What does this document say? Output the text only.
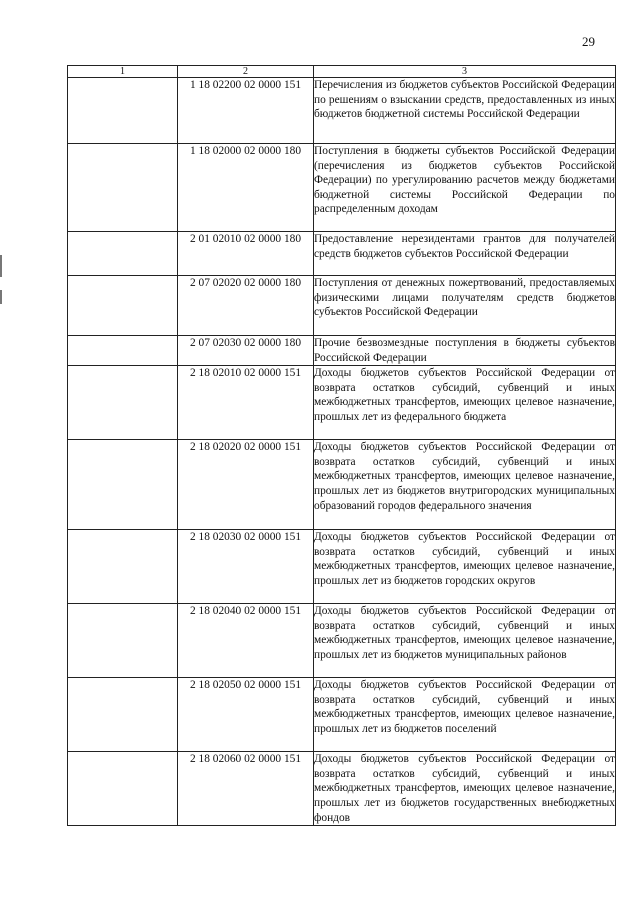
29
1	2	3
	1 18 02200 02 0000 151	Перечисления из бюджетов субъектов Российской Федерации по решениям о взыскании средств, предоставленных из иных бюджетов бюджетной системы Российской Федерации
	1 18 02000 02 0000 180	Поступления в бюджеты субъектов Российской Федерации (перечисления из бюджетов субъектов Российской Федерации) по урегулированию расчетов между бюджетами бюджетной системы Российской Федерации по распределенным доходам
	2 01 02010 02 0000 180	Предоставление нерезидентами грантов для получателей средств бюджетов субъектов Российской Федерации
	2 07 02020 02 0000 180	Поступления от денежных пожертвований, предоставляемых физическими лицами получателям средств бюджетов субъектов Российской Федерации
	2 07 02030 02 0000 180	Прочие безвозмездные поступления в бюджеты субъектов Российской Федерации
	2 18 02010 02 0000 151	Доходы бюджетов субъектов Российской Федерации от возврата остатков субсидий, субвенций и иных межбюджетных трансфертов, имеющих целевое назначение, прошлых лет из федерального бюджета
	2 18 02020 02 0000 151	Доходы бюджетов субъектов Российской Федерации от возврата остатков субсидий, субвенций и иных межбюджетных трансфертов, имеющих целевое назначение, прошлых лет из бюджетов внутригородских муниципальных образований городов федерального значения
	2 18 02030 02 0000 151	Доходы бюджетов субъектов Российской Федерации от возврата остатков субсидий, субвенций и иных межбюджетных трансфертов, имеющих целевое назначение, прошлых лет из бюджетов городских округов
	2 18 02040 02 0000 151	Доходы бюджетов субъектов Российской Федерации от возврата остатков субсидий, субвенций и иных межбюджетных трансфертов, имеющих целевое назначение, прошлых лет из бюджетов муниципальных районов
	2 18 02050 02 0000 151	Доходы бюджетов субъектов Российской Федерации от возврата остатков субсидий, субвенций и иных межбюджетных трансфертов, имеющих целевое назначение, прошлых лет из бюджетов поселений
	2 18 02060 02 0000 151	Доходы бюджетов субъектов Российской Федерации от возврата остатков субсидий, субвенций и иных межбюджетных трансфертов, имеющих целевое назначение, прошлых лет из бюджетов государственных внебюджетных фондов
